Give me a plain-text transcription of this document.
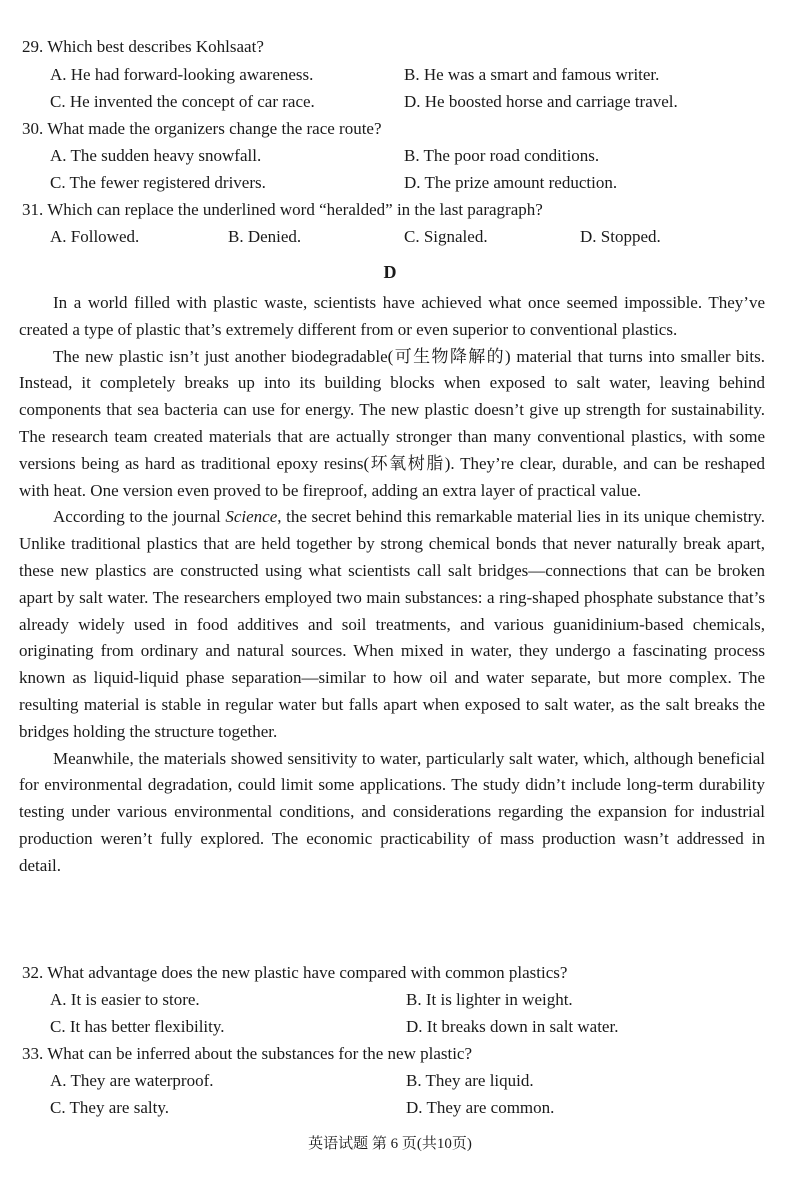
29. Which best describes Kohlsaat?
A. He had forward-looking awareness.	B. He was a smart and famous writer.
C. He invented the concept of car race.	D. He boosted horse and carriage travel.
30. What made the organizers change the race route?
A. The sudden heavy snowfall.	B. The poor road conditions.
C. The fewer registered drivers.	D. The prize amount reduction.
31. Which can replace the underlined word “heralded” in the last paragraph?
A. Followed.	B. Denied.	C. Signaled.	D. Stopped.
D

In a world filled with plastic waste, scientists have achieved what once seemed impossible. They’ve created a type of plastic that’s extremely different from or even superior to conventional plastics.

The new plastic isn’t just another biodegradable(可生物降解的) material that turns into smaller bits. Instead, it completely breaks up into its building blocks when exposed to salt water, leaving behind components that sea bacteria can use for energy. The new plastic doesn’t give up strength for sustainability. The research team created materials that are actually stronger than many conventional plastics, with some versions being as hard as traditional epoxy resins(环氧树脂). They’re clear, durable, and can be reshaped with heat. One version even proved to be fireproof, adding an extra layer of practical value.

According to the journal Science, the secret behind this remarkable material lies in its unique chemistry. Unlike traditional plastics that are held together by strong chemical bonds that never naturally break apart, these new plastics are constructed using what scientists call salt bridges—connections that can be broken apart by salt water. The researchers employed two main substances: a ring-shaped phosphate substance that’s already widely used in food additives and soil treatments, and various guanidinium-based chemicals, originating from ordinary and natural sources. When mixed in water, they undergo a fascinating process known as liquid-liquid phase separation—similar to how oil and water separate, but more complex. The resulting material is stable in regular water but falls apart when exposed to salt water, as the salt breaks the bridges holding the structure together.

Meanwhile, the materials showed sensitivity to water, particularly salt water, which, although beneficial for environmental degradation, could limit some applications. The study didn’t include long-term durability testing under various environmental conditions, and considerations regarding the expansion for industrial production weren’t fully explored. The economic practicability of mass production wasn’t addressed in detail.

32. What advantage does the new plastic have compared with common plastics?
A. It is easier to store.	B. It is lighter in weight.
C. It has better flexibility.	D. It breaks down in salt water.
33. What can be inferred about the substances for the new plastic?
A. They are waterproof.	B. They are liquid.
C. They are salty.	D. They are common.
英语试题 第 6 页(共10页)
